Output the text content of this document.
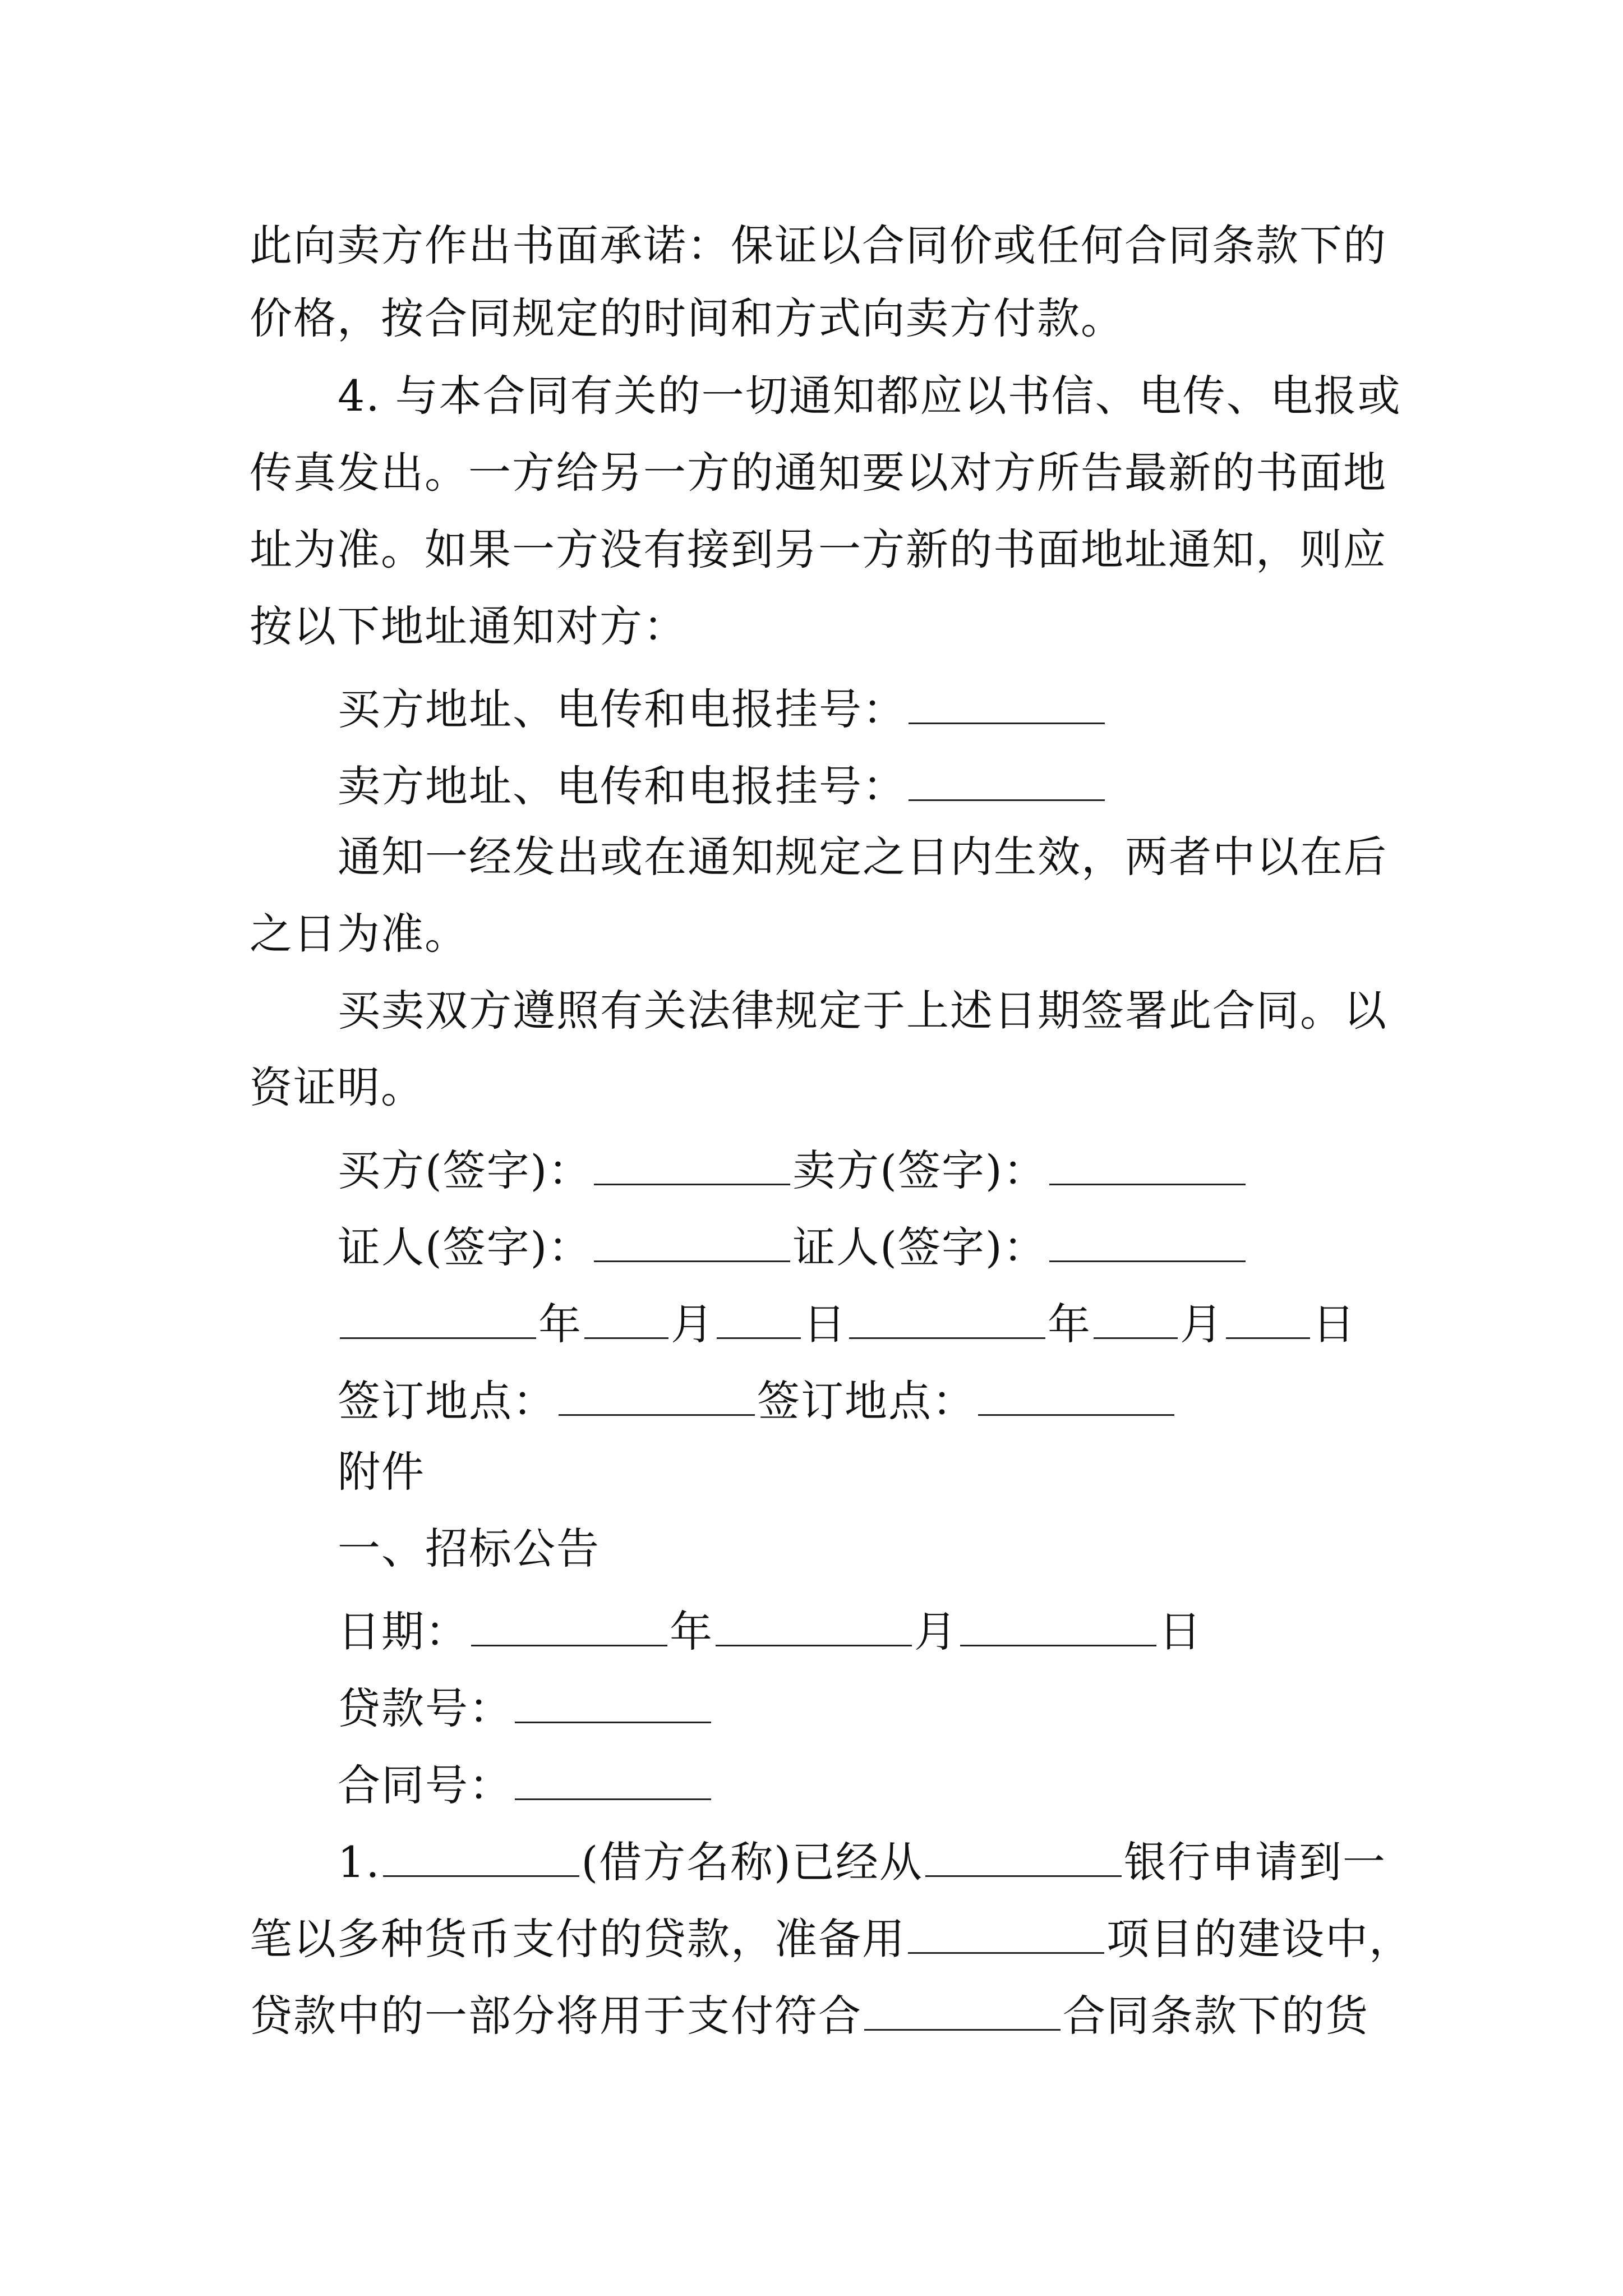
此向卖方作出书面承诺：保证以合同价或任何合同条款下的
价格，按合同规定的时间和方式向卖方付款。
4. 与本合同有关的一切通知都应以书信、电传、电报或
传真发出。一方给另一方的通知要以对方所告最新的书面地
址为准。如果一方没有接到另一方新的书面地址通知，则应
按以下地址通知对方：
买方地址、电传和电报挂号：
卖方地址、电传和电报挂号：
通知一经发出或在通知规定之日内生效，两者中以在后
之日为准。
买卖双方遵照有关法律规定于上述日期签署此合同。以
资证明。
买方(签字)：	卖方(签字)：
证人(签字)：	证人(签字)：
年 月 日	年 月 日
签订地点：	签订地点：
附件
一、招标公告
日期：	年	月	日
贷款号：
合同号：
1.	(借方名称)已经从	银行申请到一
笔以多种货币支付的贷款，准备用	项目的建设中，
贷款中的一部分将用于支付符合	合同条款下的货
